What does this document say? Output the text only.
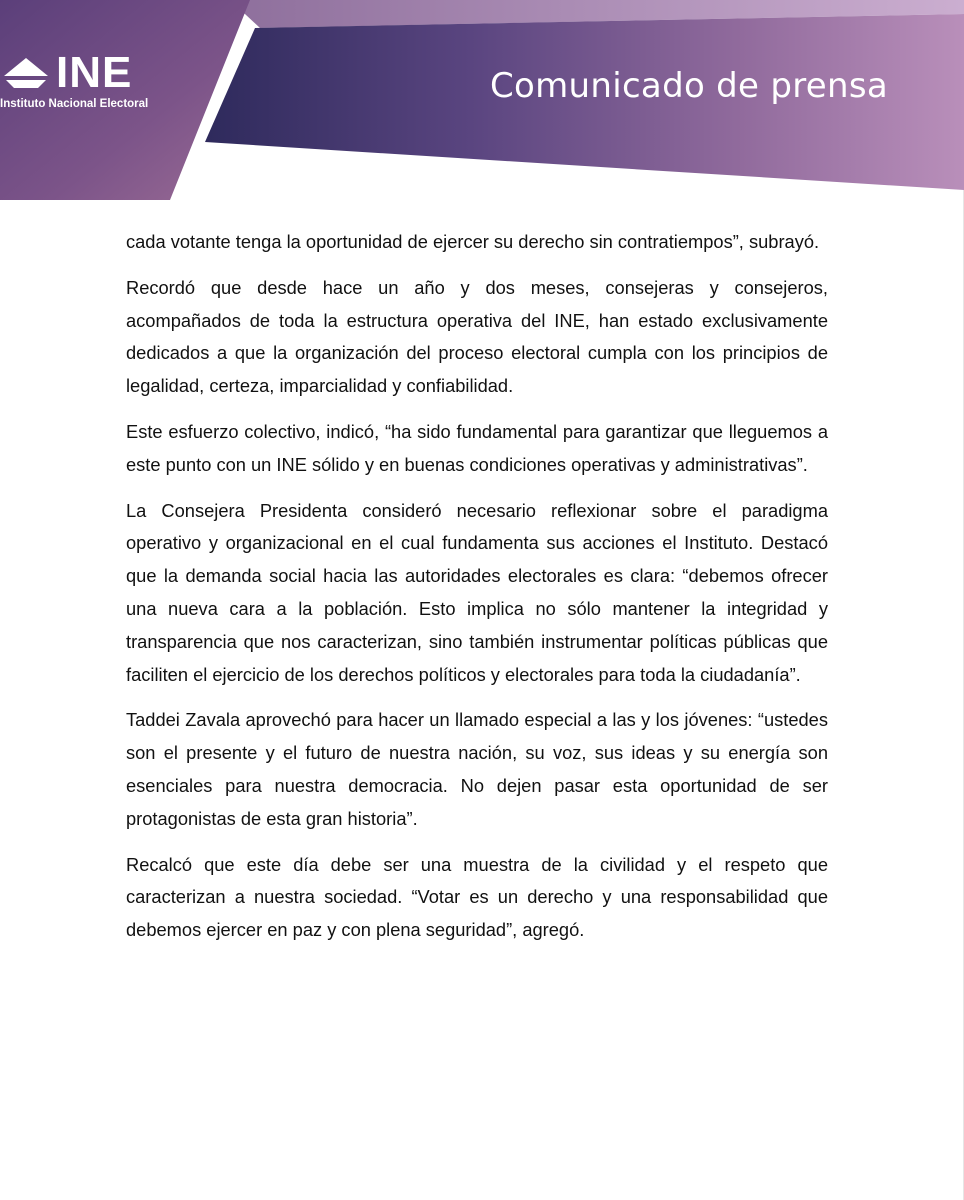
INE
Instituto Nacional Electoral	Comunicado de prensa

cada votante tenga la oportunidad de ejercer su derecho sin contratiempos”, subrayó.

Recordó que desde hace un año y dos meses, consejeras y consejeros, acompañados de toda la estructura operativa del INE, han estado exclusivamente dedicados a que la organización del proceso electoral cumpla con los principios de legalidad, certeza, imparcialidad y confiabilidad.

Este esfuerzo colectivo, indicó, “ha sido fundamental para garantizar que lleguemos a este punto con un INE sólido y en buenas condiciones operativas y administrativas”.

La Consejera Presidenta consideró necesario reflexionar sobre el paradigma operativo y organizacional en el cual fundamenta sus acciones el Instituto. Destacó que la demanda social hacia las autoridades electorales es clara: “debemos ofrecer una nueva cara a la población. Esto implica no sólo mantener la integridad y transparencia que nos caracterizan, sino también instrumentar políticas públicas que faciliten el ejercicio de los derechos políticos y electorales para toda la ciudadanía”.

Taddei Zavala aprovechó para hacer un llamado especial a las y los jóvenes: “ustedes son el presente y el futuro de nuestra nación, su voz, sus ideas y su energía son esenciales para nuestra democracia. No dejen pasar esta oportunidad de ser protagonistas de esta gran historia”.

Recalcó que este día debe ser una muestra de la civilidad y el respeto que caracterizan a nuestra sociedad. “Votar es un derecho y una responsabilidad que debemos ejercer en paz y con plena seguridad”, agregó.
